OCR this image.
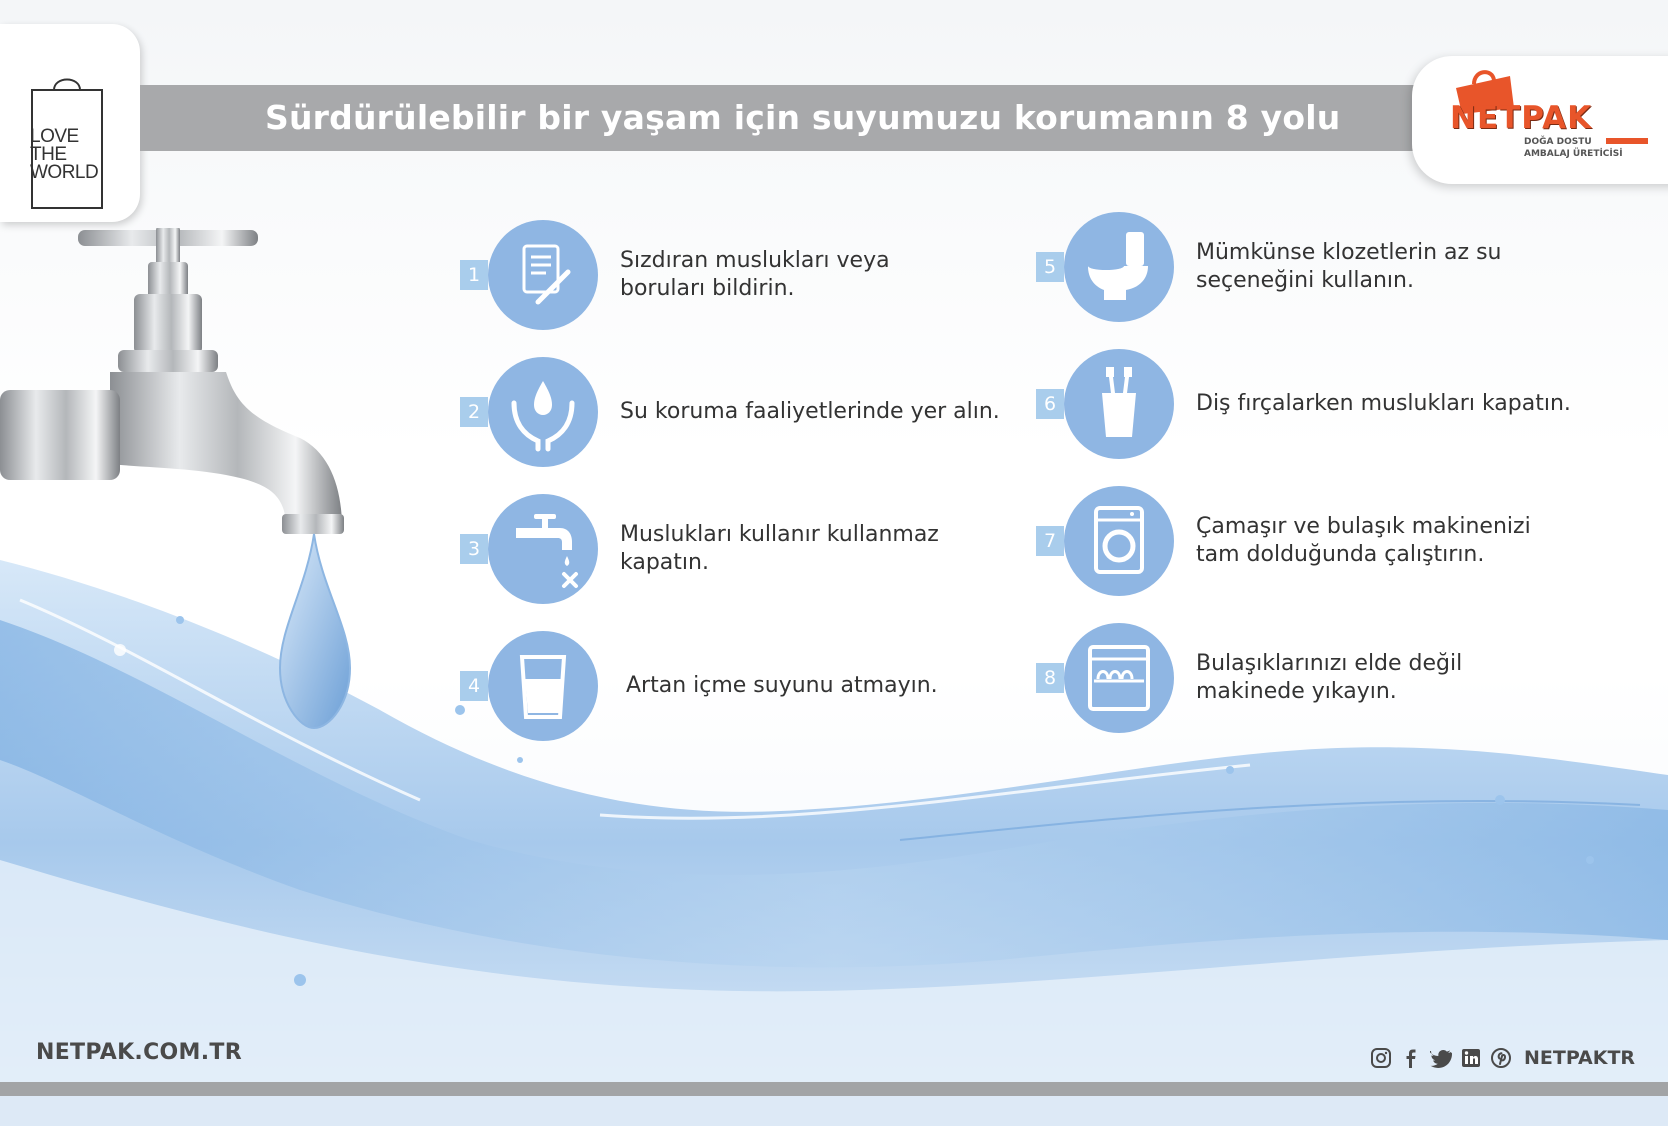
LOVE
THE
WORLD
Sürdürülebilir bir yaşam için suyumuzu korumanın 8 yolu	NETPAK
DOĞA DOSTU
AMBALAJ ÜRETİCİSİ
1
Sızdıran muslukları veya
boruları bildirin.
2	Su koruma faaliyetlerinde yer alın.
3
Muslukları kullanır kullanmaz
kapatın.
4	Artan içme suyunu atmayın.
5
Mümkünse klozetlerin az su
seçeneğini kullanın.
6	Diş fırçalarken muslukları kapatın.
7
Çamaşır ve bulaşık makinenizi
tam dolduğunda çalıştırın.
8
Bulaşıklarınızı elde değil
makinede yıkayın.
NETPAK.COM.TR	NETPAKTR
